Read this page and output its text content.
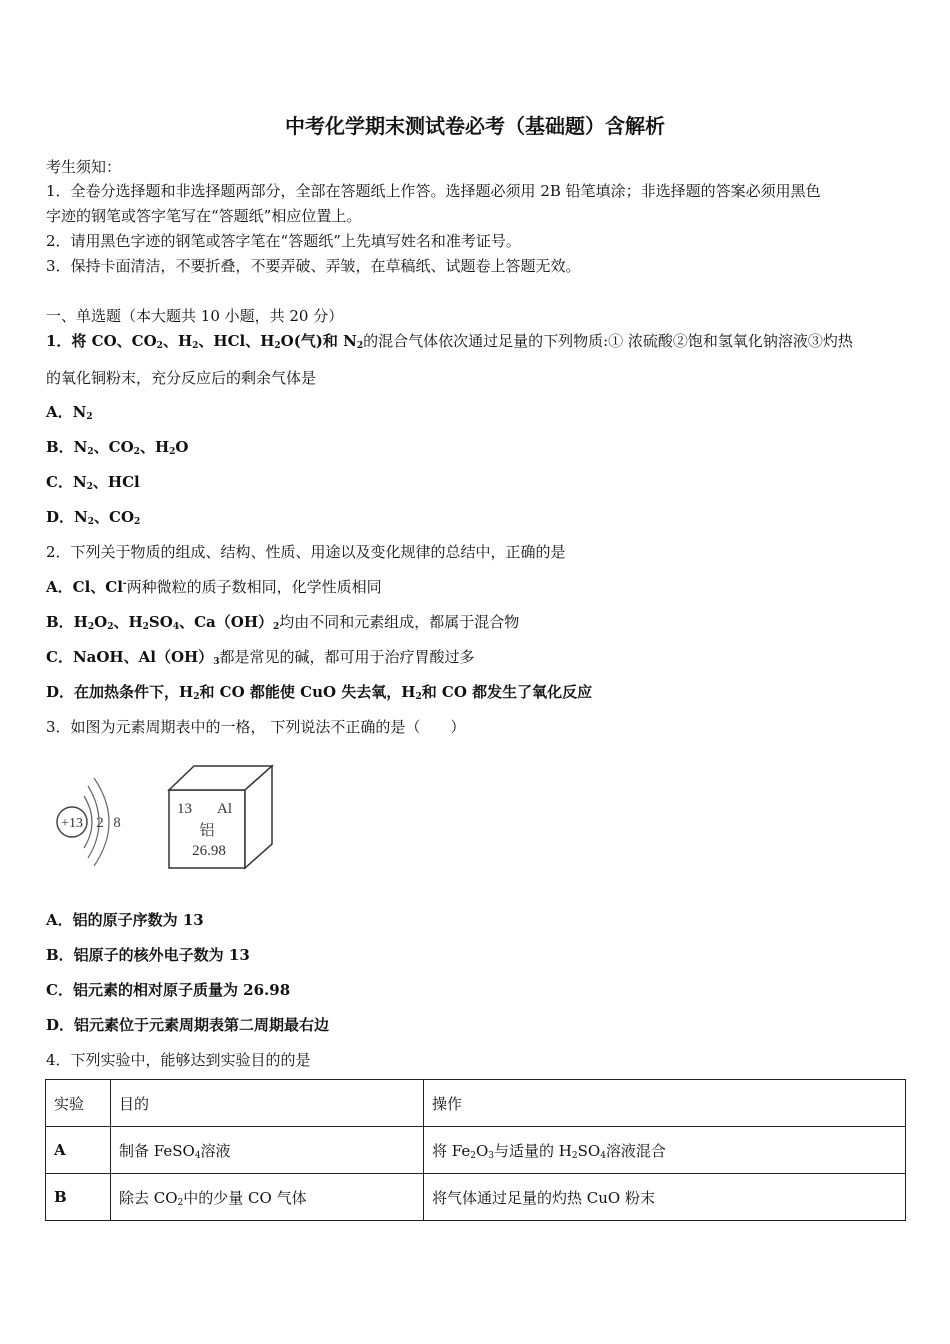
中考化学期末测试卷必考（基础题）含解析
考生须知：
1．全卷分选择题和非选择题两部分，全部在答题纸上作答。选择题必须用 2B 铅笔填涂；非选择题的答案必须用黑色
字迹的钢笔或答字笔写在“答题纸”相应位置上。
2．请用黑色字迹的钢笔或答字笔在“答题纸”上先填写姓名和准考证号。
3．保持卡面清洁，不要折叠，不要弄破、弄皱，在草稿纸、试题卷上答题无效。
一、单选题（本大题共 10 小题，共 20 分）
1．将 CO、$CO_2$、$H_2$、HCl、$H_2O$(气)和 $N_2$的混合气体依次通过足量的下列物质:① 浓硫酸②饱和氢氧化钠溶液③灼热
的氧化铜粉末，充分反应后的剩余气体是
A．$N_2$
B．$N_2$、$CO_2$、$H_2O$
C．$N_2$、HCl
D．$N_2$、$CO_2$
2．下列关于物质的组成、结构、性质、用途以及变化规律的总结中，正确的是
A．Cl、Cl-两种微粒的质子数相同，化学性质相同
B．$H_2O_2$、$H_2SO_4$、$Ca(OH)_2$均由不同和元素组成，都属于混合物
C．NaOH、$Al(OH)_3$都是常见的碱，都可用于治疗胃酸过多
D．在加热条件下，$H_2$和 CO 都能使 CuO 失去氧，$H_2$和 CO 都发生了氧化反应
3．如图为元素周期表中的一格， 下列说法不正确的是（　　）
+13 2 8
13 Al
铝
26.98
A．铝的原子序数为 13
B．铝原子的核外电子数为 13
C．铝元素的相对原子质量为 26.98
D．铝元素位于元素周期表第二周期最右边
4．下列实验中，能够达到实验目的的是
实验	目的	操作
A	制备 FeSO$_4$溶液	将 $Fe_2O_3$与适量的 $H_2SO_4$溶液混合
B	除去 $CO_2$中的少量 CO 气体	将气体通过足量的灼热 CuO 粉末
